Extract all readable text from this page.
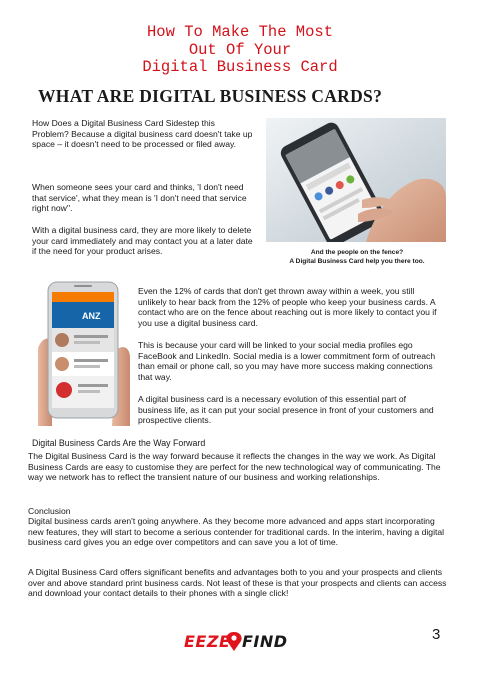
How To Make The Most
Out Of Your
Digital Business Card
WHAT ARE DIGITAL BUSINESS CARDS?
How Does a Digital Business Card Sidestep this Problem? Because a digital business card doesn't take up space – it doesn't need to be processed or filed away.
When someone sees your card and thinks, 'I don't need that service', what they mean is 'I don't need that service right now''.
With a digital business card, they are more likely to delete your card immediately and may contact you at a later date if the need for your product arises.	And the people on the fence?
A Digital Business Card help you there too.
ANZ
Even the 12% of cards that don't get thrown away within a week, you still unlikely to hear back from the 12% of people who keep your business cards. A contact who are on the fence about reaching out is more likely to contact you if you use a digital business card.
This is because your card will be linked to your social media profiles ego FaceBook and LinkedIn. Social media is a lower commitment form of outreach than email or phone call, so you may have more success making connections that way.
A digital business card is a necessary evolution of this essential part of business life, as it can put your social presence in front of your customers and prospective clients.
Digital Business Cards Are the Way Forward
The Digital Business Card is the way forward because it reflects the changes in the way we work. As Digital Business Cards are easy to customise they are perfect for the new technological way of communicating. The way we network has to reflect the transient nature of our business and working relationships.
Conclusion
Digital business cards aren't going anywhere. As they become more advanced and apps start incorporating new features, they will start to become a serious contender for traditional cards. In the interim, having a digital business card gives you an edge over competitors and can save you a lot of time.
A Digital Business Card offers significant benefits and advantages both to you and your prospects and clients over and above standard print business cards. Not least of these is that your prospects and clients can access and download your contact details to their phones with a single click!
EEZE FIND	3
